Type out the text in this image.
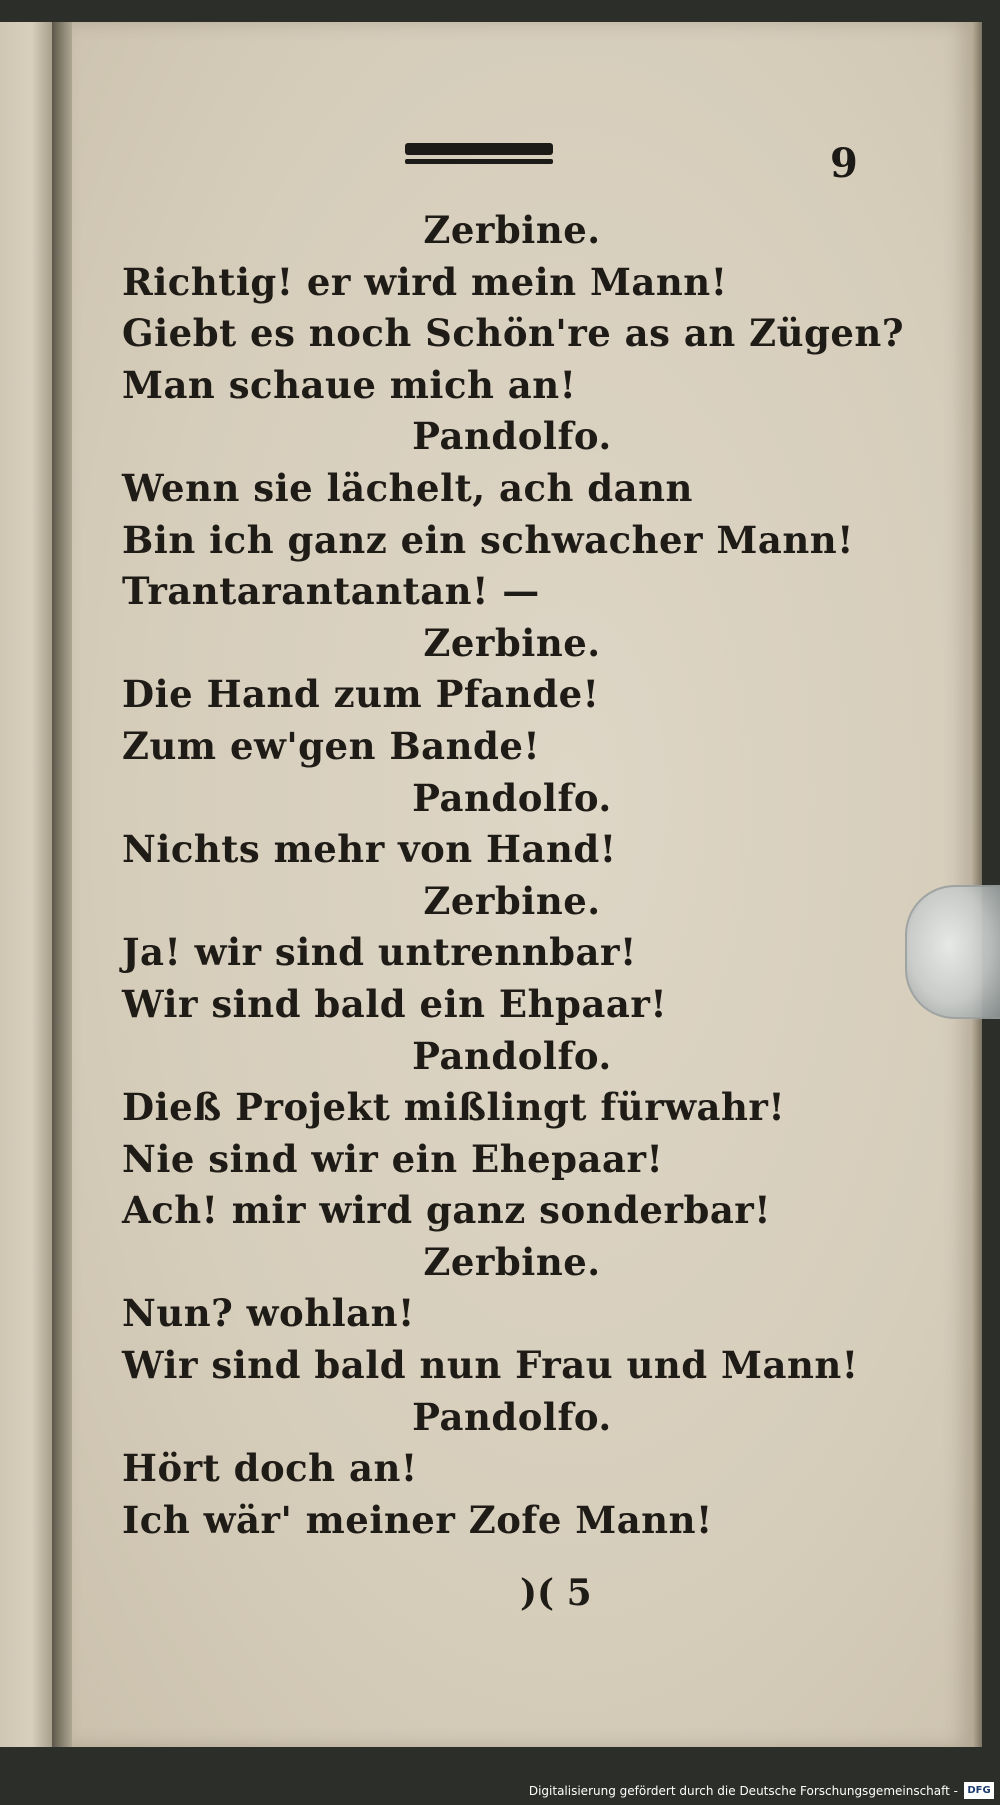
9
Zerbine.
Richtig! er wird mein Mann!
Giebt es noch Schön're as an Zügen?
Man schaue mich an!
Pandolfo.
Wenn sie lächelt, ach dann
Bin ich ganz ein schwacher Mann!
Trantarantantan! —
Zerbine.
Die Hand zum Pfande!
Zum ew'gen Bande!
Pandolfo.
Nichts mehr von Hand!
Zerbine.
Ja! wir sind untrennbar!
Wir sind bald ein Ehpaar!
Pandolfo.
Dieß Projekt mißlingt fürwahr!
Nie sind wir ein Ehepaar!
Ach! mir wird ganz sonderbar!
Zerbine.
Nun? wohlan!
Wir sind bald nun Frau und Mann!
Pandolfo.
Hört doch an!
Ich wär' meiner Zofe Mann!
)( 5
Digitalisierung gefördert durch die Deutsche Forschungsgemeinschaft - DFG
